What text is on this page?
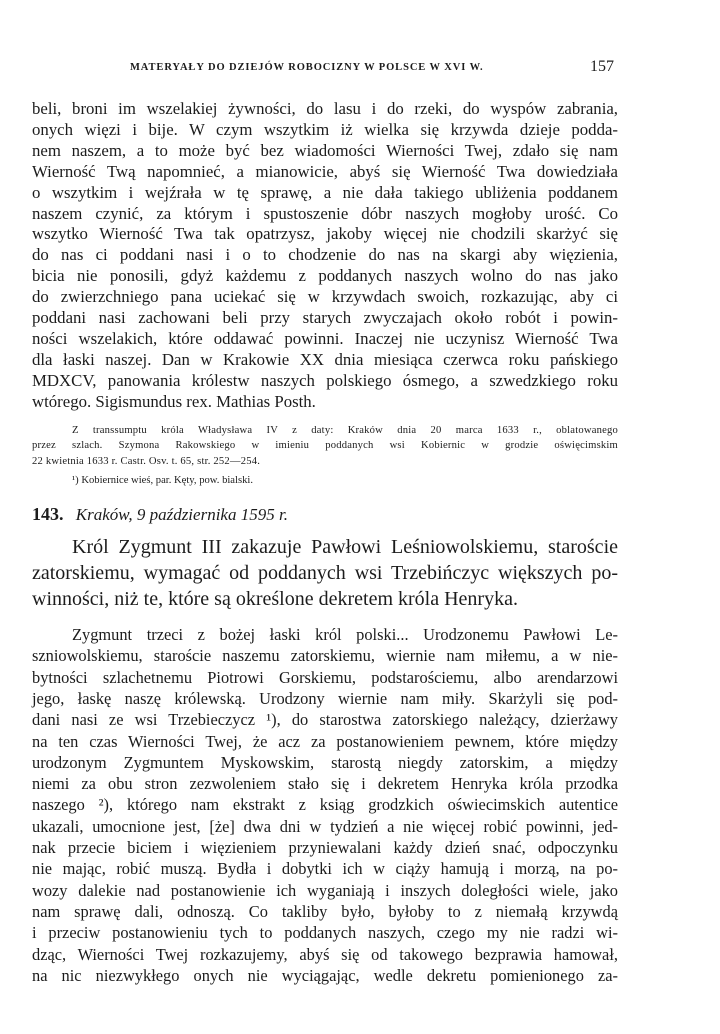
MATERYAŁY DO DZIEJÓW ROBOCIZNY W POLSCE W XVI W.	157
beli, broni im wszelakiej żywności, do lasu i do rzeki, do wyspów zabrania,
onych więzi i bije. W czym wszytkim iż wielka się krzywda dzieje podda-
nem naszem, a to może być bez wiadomości Wierności Twej, zdało się nam
Wierność Twą napomnieć, a mianowicie, abyś się Wierność Twa dowiedziała
o wszytkim i wejźrała w tę sprawę, a nie dała takiego ubliżenia poddanem
naszem czynić, za którym i spustoszenie dóbr naszych mogłoby urość. Co
wszytko Wierność Twa tak opatrzysz, jakoby więcej nie chodzili skarżyć się
do nas ci poddani nasi i o to chodzenie do nas na skargi aby więzienia,
bicia nie ponosili, gdyż każdemu z poddanych naszych wolno do nas jako
do zwierzchniego pana uciekać się w krzywdach swoich, rozkazując, aby ci
poddani nasi zachowani beli przy starych zwyczajach około robót i powin-
ności wszelakich, które oddawać powinni. Inaczej nie uczynisz Wierność Twa
dla łaski naszej. Dan w Krakowie XX dnia miesiąca czerwca roku pańskiego
MDXCV, panowania królestw naszych polskiego ósmego, a szwedzkiego roku
wtórego. Sigismundus rex. Mathias Posth.
Z transsumptu króla Władysława IV z daty: Kraków dnia 20 marca 1633 r., oblatowanego
przez szlach. Szymona Rakowskiego w imieniu poddanych wsi Kobiernic w grodzie oświęcimskim
22 kwietnia 1633 r. Castr. Osv. t. 65, str. 252—254.
¹) Kobiernice wieś, par. Kęty, pow. bialski.
143. Kraków, 9 października 1595 r.
Król Zygmunt III zakazuje Pawłowi Leśniowolskiemu, staroście
zatorskiemu, wymagać od poddanych wsi Trzebińczyc większych po-
winności, niż te, które są określone dekretem króla Henryka.
Zygmunt trzeci z bożej łaski król polski... Urodzonemu Pawłowi Le-
szniowolskiemu, staroście naszemu zatorskiemu, wiernie nam miłemu, a w nie-
bytności szlachetnemu Piotrowi Gorskiemu, podstarościemu, albo arendarzowi
jego, łaskę naszę królewską. Urodzony wiernie nam miły. Skarżyli się pod-
dani nasi ze wsi Trzebieczycz ¹), do starostwa zatorskiego należący, dzierżawy
na ten czas Wierności Twej, że acz za postanowieniem pewnem, które między
urodzonym Zygmuntem Myskowskim, starostą niegdy zatorskim, a między
niemi za obu stron zezwoleniem stało się i dekretem Henryka króla przodka
naszego ²), którego nam ekstrakt z ksiąg grodzkich oświecimskich autentice
ukazali, umocnione jest, [że] dwa dni w tydzień a nie więcej robić powinni, jed-
nak przecie biciem i więzieniem przyniewalani każdy dzień snać, odpoczynku
nie mając, robić muszą. Bydła i dobytki ich w ciąży hamują i morzą, na po-
wozy dalekie nad postanowienie ich wyganiają i inszych doległości wiele, jako
nam sprawę dali, odnoszą. Co takliby było, byłoby to z niemałą krzywdą
i przeciw postanowieniu tych to poddanych naszych, czego my nie radzi wi-
dząc, Wierności Twej rozkazujemy, abyś się od takowego bezprawia hamował,
na nic niezwykłego onych nie wyciągając, wedle dekretu pomienionego za-
